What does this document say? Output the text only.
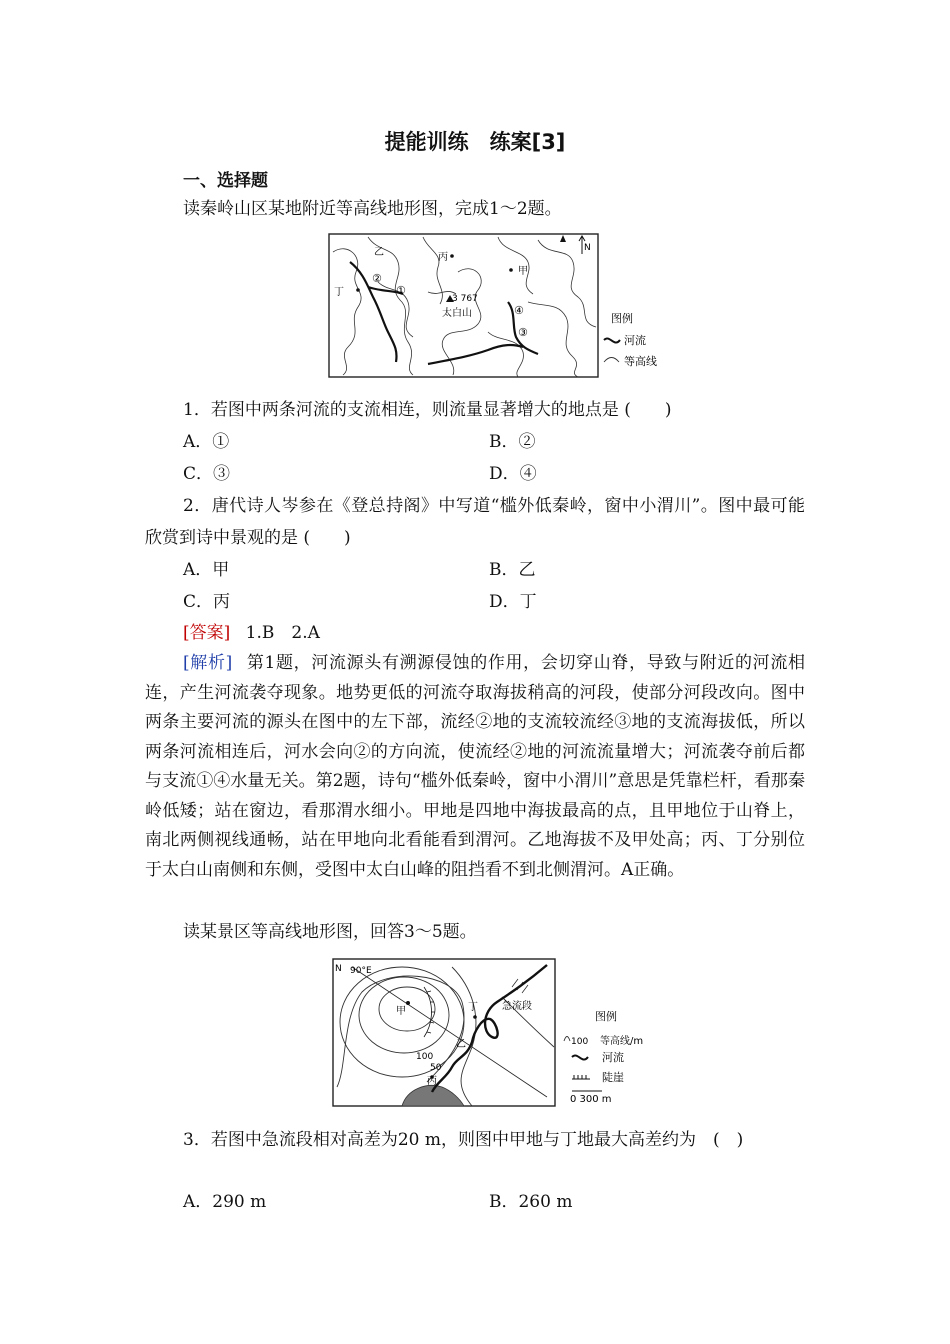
提能训练　练案[3]
一、选择题
读秦岭山区某地附近等高线地形图，完成1～2题。
丙
甲
丁
乙
①
②
③
④
3 767
太白山
N
图例
河流
等高线
1．若图中两条河流的支流相连，则流量显著增大的地点是 (　　)
A．①	B．②
C．③	D．④
2．唐代诗人岑参在《登总持阁》中写道“槛外低秦岭，窗中小渭川”。图中最可能欣赏到诗中景观的是 (　　)
A．甲	B．乙
C．丙	D．丁
[答案] 1.B　2.A
[解析] 第1题，河流源头有溯源侵蚀的作用，会切穿山脊，导致与附近的河流相连，产生河流袭夺现象。地势更低的河流夺取海拔稍高的河段，使部分河段改向。图中两条主要河流的源头在图中的左下部，流经②地的支流较流经③地的支流海拔低，所以两条河流相连后，河水会向②的方向流，使流经②地的河流流量增大；河流袭夺前后都与支流①④水量无关。第2题，诗句“槛外低秦岭，窗中小渭川”意思是凭靠栏杆，看那秦岭低矮；站在窗边，看那渭水细小。甲地是四地中海拔最高的点，且甲地位于山脊上，南北两侧视线通畅，站在甲地向北看能看到渭河。乙地海拔不及甲处高；丙、丁分别位于太白山南侧和东侧，受图中太白山峰的阻挡看不到北侧渭河。A正确。
读某景区等高线地形图，回答3～5题。
N 90°E
甲	丁
乙
丙
急流段
100
50
图例
100 等高线/m
河流
陡崖
0 300 m
3．若图中急流段相对高差为20 m，则图中甲地与丁地最大高差约为　(　)
A．290 m	B．260 m
